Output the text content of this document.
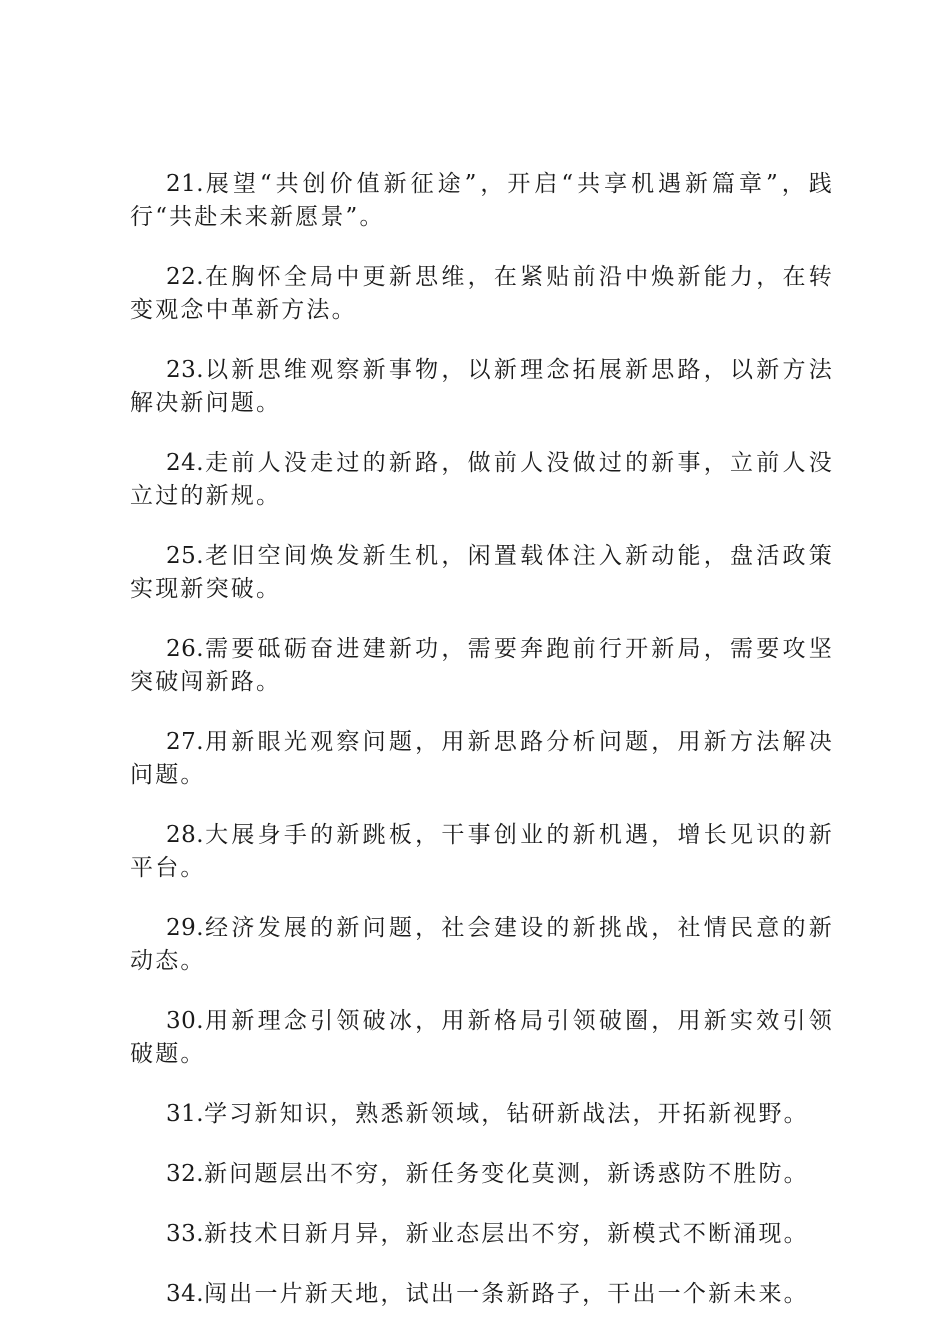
21.展望“共创价值新征途”，开启“共享机遇新篇章”，践行“共赴未来新愿景”。

22.在胸怀全局中更新思维，在紧贴前沿中焕新能力，在转变观念中革新方法。

23.以新思维观察新事物，以新理念拓展新思路，以新方法解决新问题。

24.走前人没走过的新路，做前人没做过的新事，立前人没立过的新规。

25.老旧空间焕发新生机，闲置载体注入新动能，盘活政策实现新突破。

26.需要砥砺奋进建新功，需要奔跑前行开新局，需要攻坚突破闯新路。

27.用新眼光观察问题，用新思路分析问题，用新方法解决问题。

28.大展身手的新跳板，干事创业的新机遇，增长见识的新平台。

29.经济发展的新问题，社会建设的新挑战，社情民意的新动态。

30.用新理念引领破冰，用新格局引领破圈，用新实效引领破题。

31.学习新知识，熟悉新领域，钻研新战法，开拓新视野。

32.新问题层出不穷，新任务变化莫测，新诱惑防不胜防。

33.新技术日新月异，新业态层出不穷，新模式不断涌现。

34.闯出一片新天地，试出一条新路子，干出一个新未来。
